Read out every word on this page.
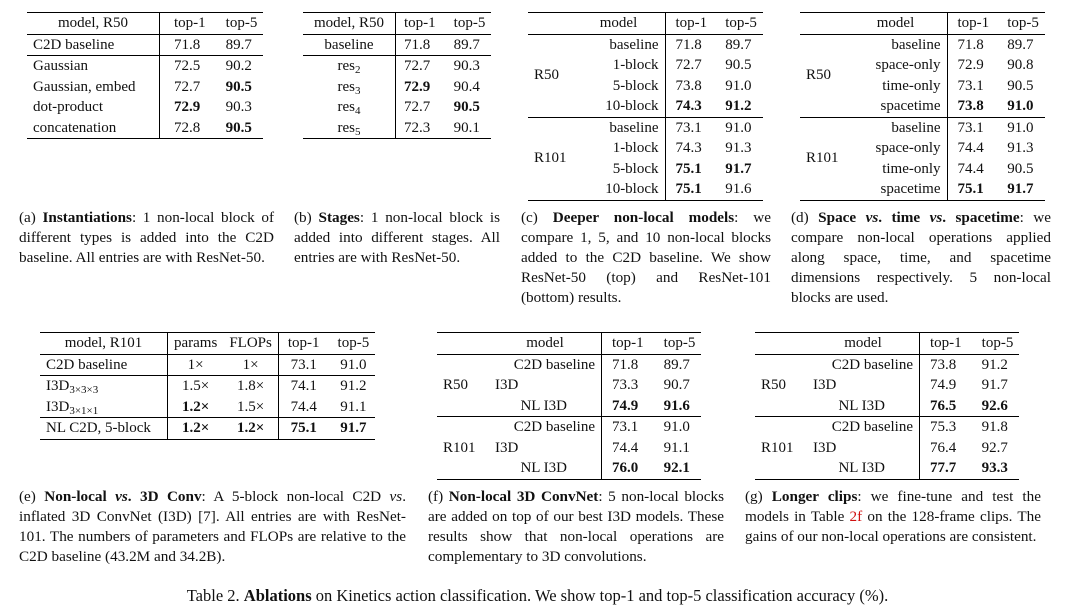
model, R50	top-1	top-5
C2D baseline	71.8	89.7
Gaussian	72.5	90.2
Gaussian, embed	72.7	90.5
dot-product	72.9	90.3
concatenation	72.8	90.5
(a) Instantiations: 1 non-local block of different types is added into the C2D baseline. All entries are with ResNet-50.
model, R50	top-1	top-5
baseline	71.8	89.7
res$_2$	72.7	90.3
res$_3$	72.9	90.4
res$_4$	72.7	90.5
res$_5$	72.3	90.1
(b) Stages: 1 non-local block is added into different stages. All entries are with ResNet-50.
	model	top-1	top-5
R50	baseline	71.8	89.7
	1-block	72.7	90.5
	5-block	73.8	91.0
	10-block	74.3	91.2
R101	baseline	73.1	91.0
	1-block	74.3	91.3
	5-block	75.1	91.7
	10-block	75.1	91.6
(c) Deeper non-local models: we compare 1, 5, and 10 non-local blocks added to the C2D baseline. We show ResNet-50 (top) and ResNet-101 (bottom) results.
	model	top-1	top-5
R50	baseline	71.8	89.7
	space-only	72.9	90.8
	time-only	73.1	90.5
	spacetime	73.8	91.0
R101	baseline	73.1	91.0
	space-only	74.4	91.3
	time-only	74.4	90.5
	spacetime	75.1	91.7
(d) Space vs. time vs. spacetime: we compare non-local operations applied along space, time, and spacetime dimensions respectively. 5 non-local blocks are used.
model, R101	params	FLOPs	top-1	top-5
C2D baseline	1×	1×	73.1	91.0
$I3D_{3\times 3\times 3}$	1.5×	1.8×	74.1	91.2
$I3D_{3\times 1\times 1}$	1.2×	1.5×	74.4	91.1
NL C2D, 5-block	1.2×	1.2×	75.1	91.7
(e) Non-local vs. 3D Conv: A 5-block non-local C2D vs. inflated 3D ConvNet (I3D) [7]. All entries are with ResNet-101. The numbers of parameters and FLOPs are relative to the C2D baseline (43.2M and 34.2B).
	model	top-1	top-5
R50	C2D baseline	71.8	89.7
	I3D	73.3	90.7
	NL I3D	74.9	91.6
R101	C2D baseline	73.1	91.0
	I3D	74.4	91.1
	NL I3D	76.0	92.1
(f) Non-local 3D ConvNet: 5 non-local blocks are added on top of our best I3D models. These results show that non-local operations are complementary to 3D convolutions.
	model	top-1	top-5
R50	C2D baseline	73.8	91.2
	I3D	74.9	91.7
	NL I3D	76.5	92.6
R101	C2D baseline	75.3	91.8
	I3D	76.4	92.7
	NL I3D	77.7	93.3
(g) Longer clips: we fine-tune and test the models in Table 2f on the 128-frame clips. The gains of our non-local operations are consistent.
Table 2. Ablations on Kinetics action classification. We show top-1 and top-5 classification accuracy (%).
